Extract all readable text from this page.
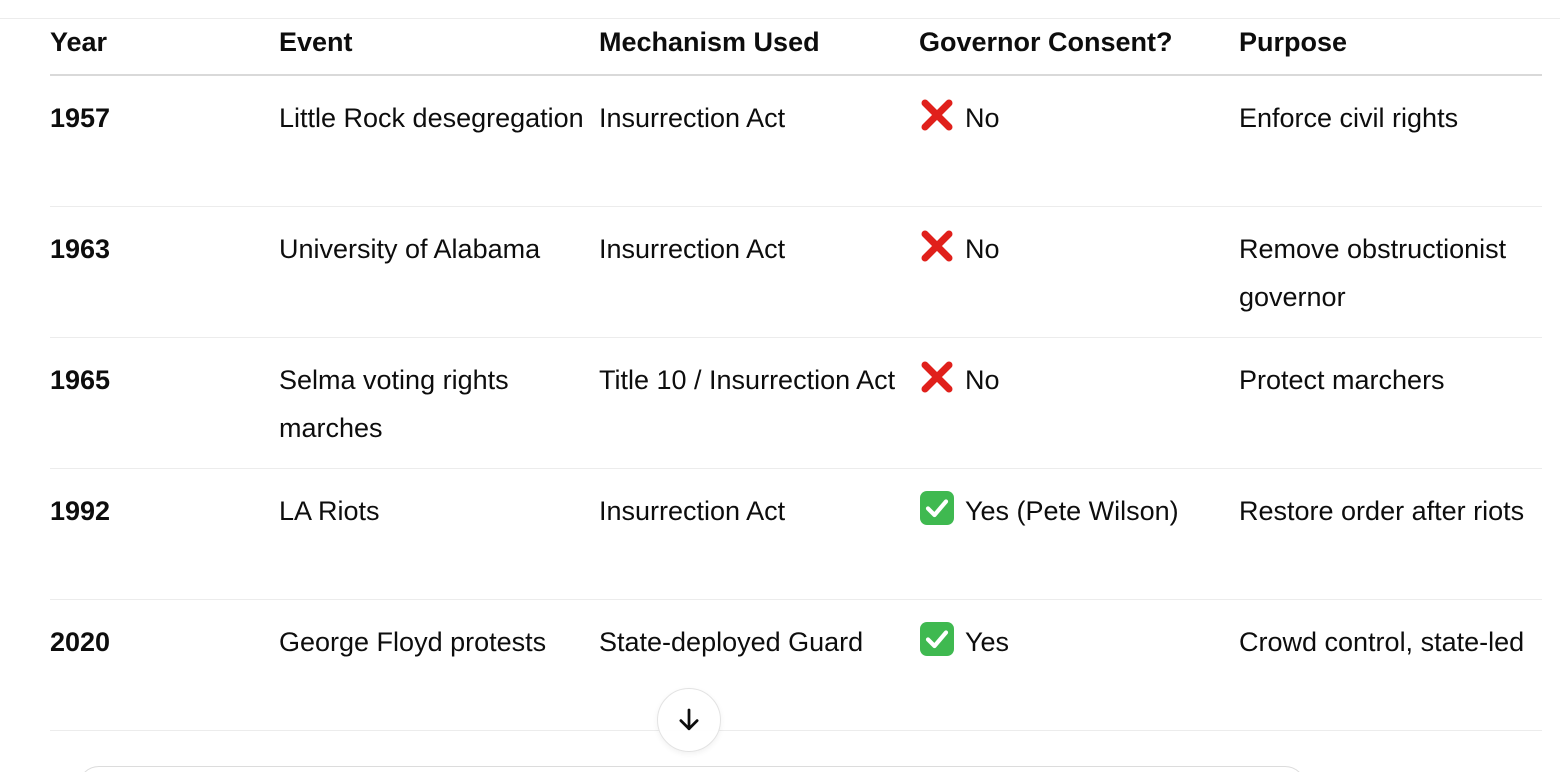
Year	Event	Mechanism Used	Governor Consent?	Purpose
1957	Little Rock desegregation	Insurrection Act	No	Enforce civil rights
1963	University of Alabama	Insurrection Act	No	Remove obstructionist governor
1965	Selma voting rights marches	Title 10 / Insurrection Act	No	Protect marchers
1992	LA Riots	Insurrection Act	Yes (Pete Wilson)	Restore order after riots
2020	George Floyd protests	State-deployed Guard	Yes	Crowd control, state-led
